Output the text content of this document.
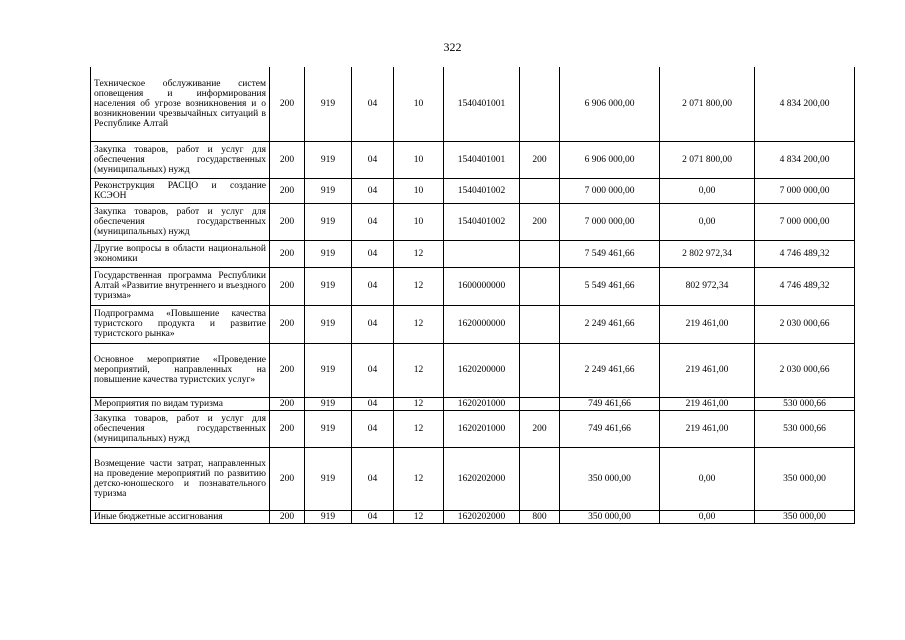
322
Техническое обслуживание систем оповещения и информирования населения об угрозе возникновения и о возникновении чрезвычайных ситуаций в Республике Алтай	200	919	04	10	1540401001		6 906 000,00	2 071 800,00	4 834 200,00
Закупка товаров, работ и услуг для обеспечения государственных (муниципальных) нужд	200	919	04	10	1540401001	200	6 906 000,00	2 071 800,00	4 834 200,00
Реконструкция РАСЦО и создание КСЭОН	200	919	04	10	1540401002		7 000 000,00	0,00	7 000 000,00
Закупка товаров, работ и услуг для обеспечения государственных (муниципальных) нужд	200	919	04	10	1540401002	200	7 000 000,00	0,00	7 000 000,00
Другие вопросы в области национальной экономики	200	919	04	12			7 549 461,66	2 802 972,34	4 746 489,32
Государственная программа Республики Алтай «Развитие внутреннего и въездного туризма»	200	919	04	12	1600000000		5 549 461,66	802 972,34	4 746 489,32
Подпрограмма «Повышение качества туристского продукта и развитие туристского рынка»	200	919	04	12	1620000000		2 249 461,66	219 461,00	2 030 000,66
Основное мероприятие «Проведение мероприятий, направленных на повышение качества туристских услуг»	200	919	04	12	1620200000		2 249 461,66	219 461,00	2 030 000,66
Мероприятия по видам туризма	200	919	04	12	1620201000		749 461,66	219 461,00	530 000,66
Закупка товаров, работ и услуг для обеспечения государственных (муниципальных) нужд	200	919	04	12	1620201000	200	749 461,66	219 461,00	530 000,66
Возмещение части затрат, направленных на проведение мероприятий по развитию детско-юношеского и познавательного туризма	200	919	04	12	1620202000		350 000,00	0,00	350 000,00
Иные бюджетные ассигнования	200	919	04	12	1620202000	800	350 000,00	0,00	350 000,00
